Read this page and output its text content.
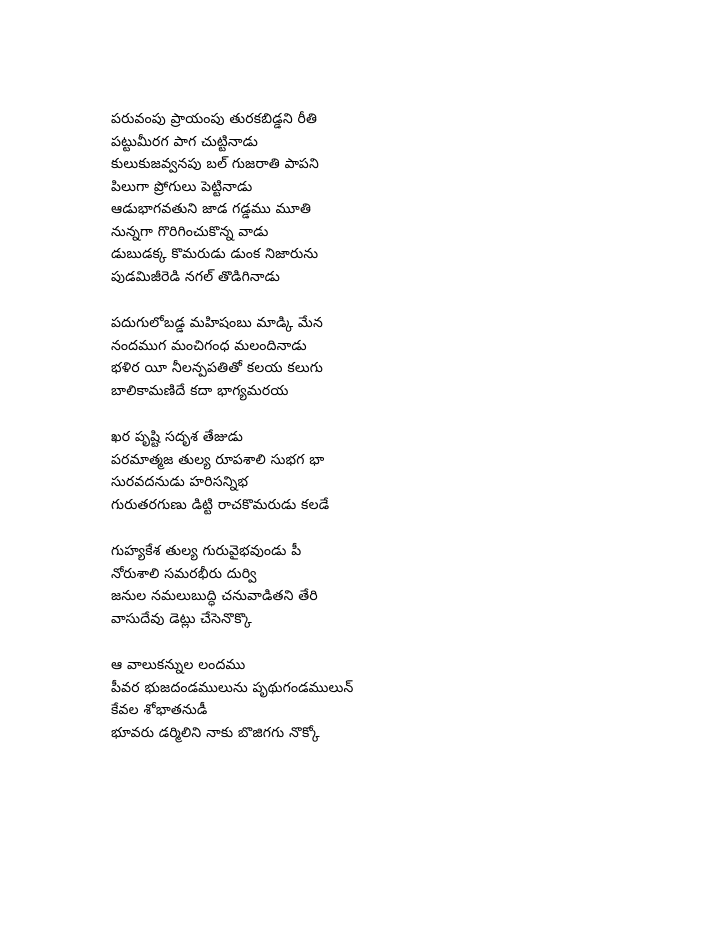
పరువంపు ప్రాయంపు తురకబిడ్డని రీతి
పట్టుమీరగ పాగ చుట్టినాడు
కులుకుజవ్వనపు బల్ గుజరాతి పాపని
పిలుగా ప్రోగులు పెట్టినాడు
ఆడుభాగవతుని జాడ గడ్డము మూతి
నున్నగా గొరిగించుకొన్న వాడు
డుబుడక్క కొమరుడు డుంక నిజారును
పుడమిజీరెడి నగల్ తొడిగినాడు
పదుగులోబడ్డ మహిషంబు మాడ్కి మేన
నందముగ మంచిగంధ మలందినాడు
భళిర యీ నీలన్పపతితో కలయ కలుగు
బాలికామణిదే కదా భాగ్యమరయ
ఖర పృష్టి సదృశ తేజుడు
పరమాత్మజ తుల్య రూపశాలి సుభగ భా
సురవదనుడు హరిసన్నిభ
గురుతరగుణు డిట్టి రాచకొమరుడు కలడే
గుహ్యకేశ తుల్య గురువైభవుండు పీ
నోరుశాలి సమరభీరు దుర్వి
జనుల నమలుబుద్ధి చనువాడితని తేరి
వాసుదేవు డెట్లు చేసెనొక్కొ
ఆ వాలుకన్నుల లందము
పీవర భుజదండములును పృథుగండములున్
కేవల శోభాతనుడీ
భూవరు డర్మిలిని నాకు బొజిగగు నొక్కో
